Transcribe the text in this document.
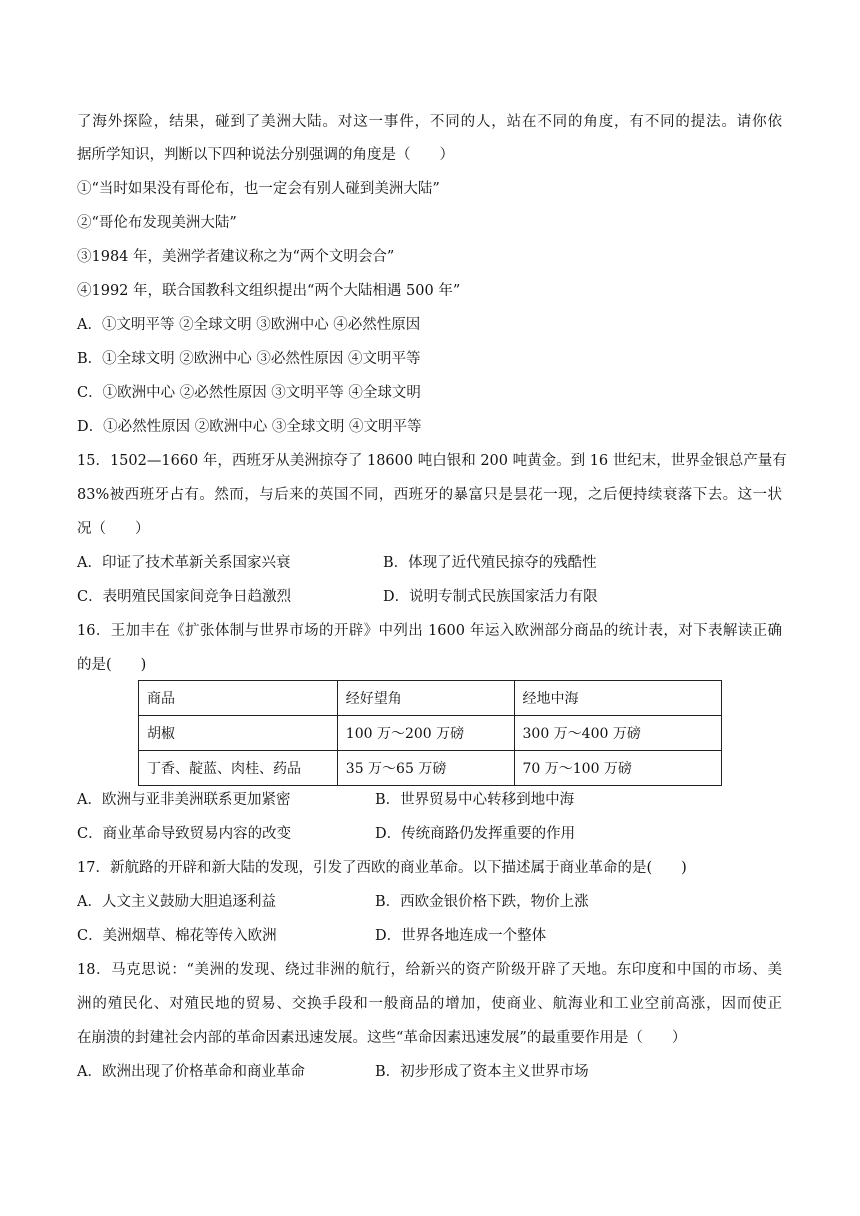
了海外探险，结果，碰到了美洲大陆。对这一事件，不同的人，站在不同的角度，有不同的提法。请你依
据所学知识，判断以下四种说法分别强调的角度是（　　）
①“当时如果没有哥伦布，也一定会有别人碰到美洲大陆”
②“哥伦布发现美洲大陆”
③1984 年，美洲学者建议称之为“两个文明会合”
④1992 年，联合国教科文组织提出“两个大陆相遇 500 年”
A．①文明平等 ②全球文明 ③欧洲中心 ④必然性原因
B．①全球文明 ②欧洲中心 ③必然性原因 ④文明平等
C．①欧洲中心 ②必然性原因 ③文明平等 ④全球文明
D．①必然性原因 ②欧洲中心 ③全球文明 ④文明平等
15．1502—1660 年，西班牙从美洲掠夺了 18600 吨白银和 200 吨黄金。到 16 世纪末，世界金银总产量有
83%被西班牙占有。然而，与后来的英国不同，西班牙的暴富只是昙花一现，之后便持续衰落下去。这一状
况（　　）
A．印证了技术革新关系国家兴衰	B．体现了近代殖民掠夺的残酷性
C．表明殖民国家间竞争日趋激烈	D．说明专制式民族国家活力有限
16．王加丰在《扩张体制与世界市场的开辟》中列出 1600 年运入欧洲部分商品的统计表，对下表解读正确
的是(　　)
商品	经好望角	经地中海
胡椒	100 万～200 万磅	300 万～400 万磅
丁香、靛蓝、肉桂、药品	35 万～65 万磅	70 万～100 万磅
A．欧洲与亚非美洲联系更加紧密	B．世界贸易中心转移到地中海
C．商业革命导致贸易内容的改变	D．传统商路仍发挥重要的作用
17．新航路的开辟和新大陆的发现，引发了西欧的商业革命。以下描述属于商业革命的是(　　)
A．人文主义鼓励大胆追逐利益	B．西欧金银价格下跌，物价上涨
C．美洲烟草、棉花等传入欧洲	D．世界各地连成一个整体
18．马克思说：“美洲的发现、绕过非洲的航行，给新兴的资产阶级开辟了天地。东印度和中国的市场、美
洲的殖民化、对殖民地的贸易、交换手段和一般商品的增加，使商业、航海业和工业空前高涨，因而使正
在崩溃的封建社会内部的革命因素迅速发展。这些“革命因素迅速发展”的最重要作用是（　　）
A．欧洲出现了价格革命和商业革命	B．初步形成了资本主义世界市场
